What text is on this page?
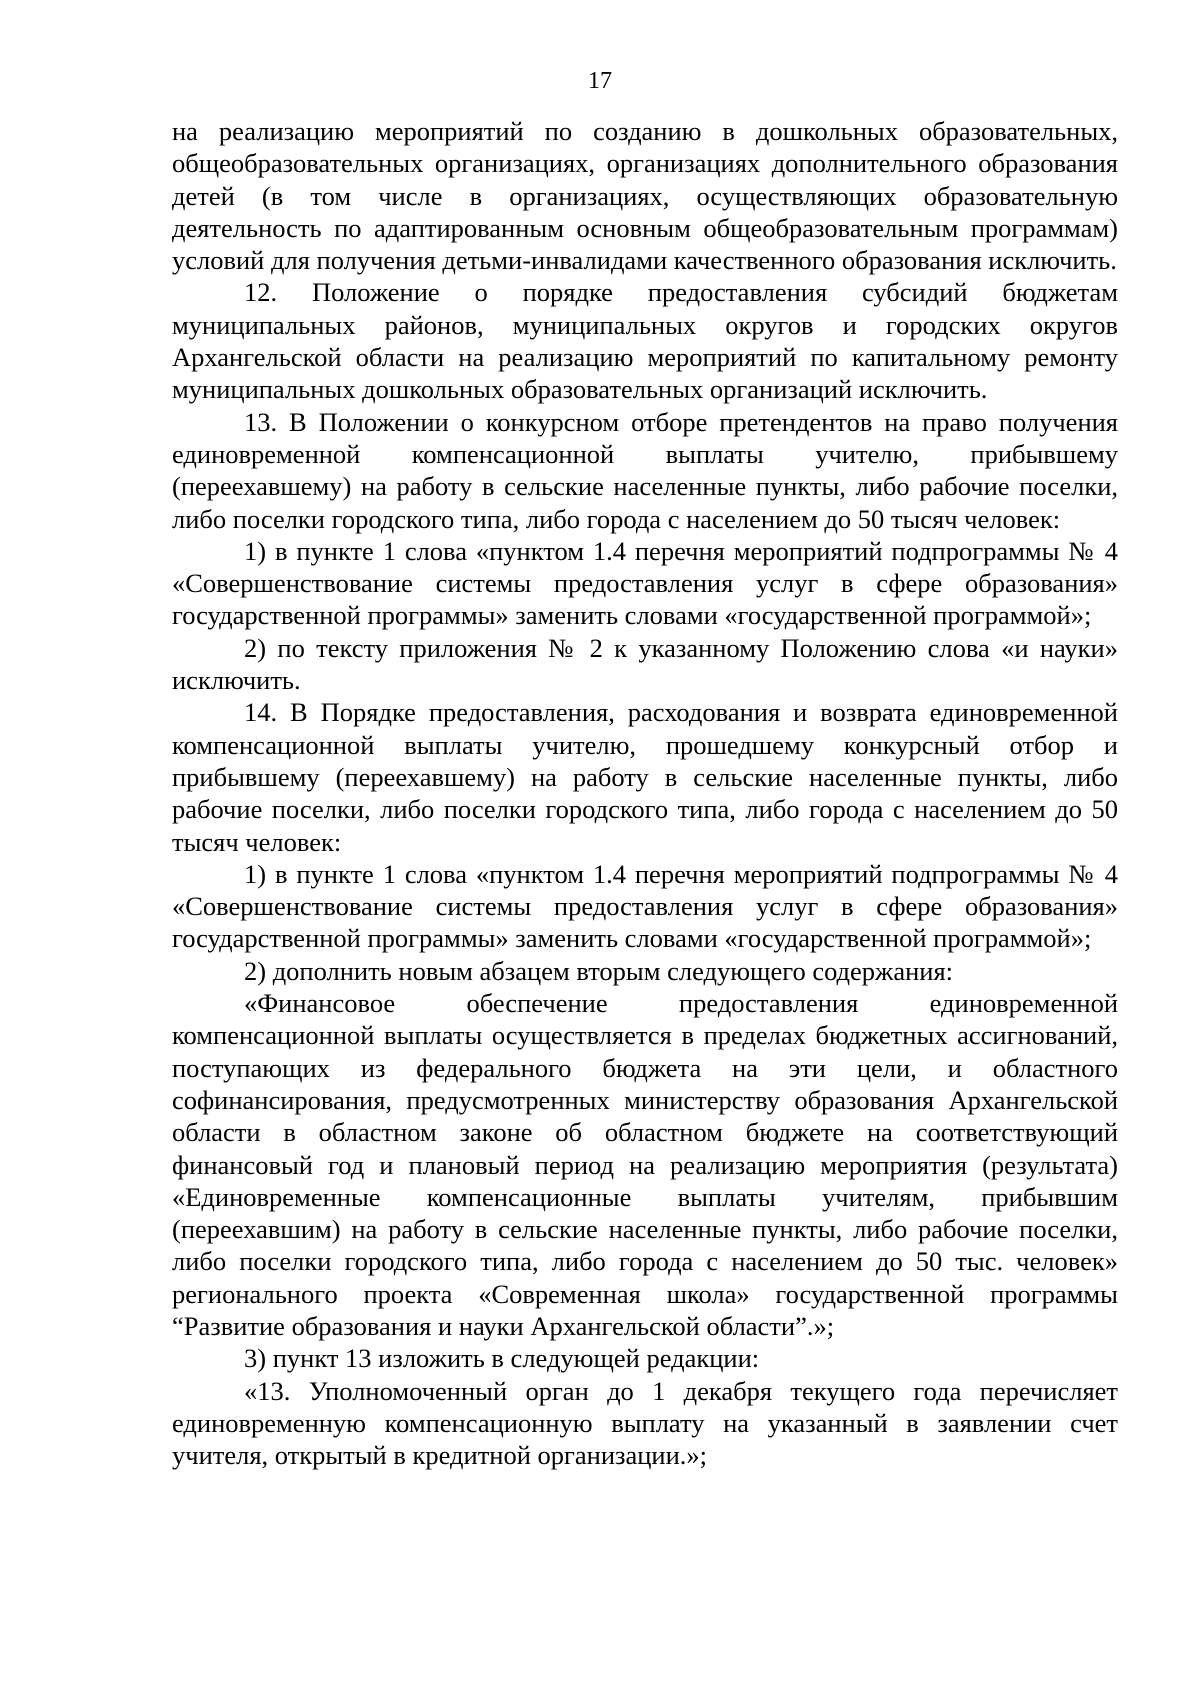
17

на реализацию мероприятий по созданию в дошкольных образовательных, общеобразовательных организациях, организациях дополнительного образования детей (в том числе в организациях, осуществляющих образовательную деятельность по адаптированным основным общеобразовательным программам) условий для получения детьми-инвалидами качественного образования исключить.

12. Положение о порядке предоставления субсидий бюджетам муниципальных районов, муниципальных округов и городских округов Архангельской области на реализацию мероприятий по капитальному ремонту муниципальных дошкольных образовательных организаций исключить.

13. В Положении о конкурсном отборе претендентов на право получения единовременной компенсационной выплаты учителю, прибывшему (переехавшему) на работу в сельские населенные пункты, либо рабочие поселки, либо поселки городского типа, либо города с населением до 50 тысяч человек:

1) в пункте 1 слова «пунктом 1.4 перечня мероприятий подпрограммы № 4 «Совершенствование системы предоставления услуг в сфере образования» государственной программы» заменить словами «государственной программой»;

2) по тексту приложения № 2 к указанному Положению слова «и науки» исключить.

14. В Порядке предоставления, расходования и возврата единовременной компенсационной выплаты учителю, прошедшему конкурсный отбор и прибывшему (переехавшему) на работу в сельские населенные пункты, либо рабочие поселки, либо поселки городского типа, либо города с населением до 50 тысяч человек:

1) в пункте 1 слова «пунктом 1.4 перечня мероприятий подпрограммы № 4 «Совершенствование системы предоставления услуг в сфере образования» государственной программы» заменить словами «государственной программой»;

2) дополнить новым абзацем вторым следующего содержания:

«Финансовое обеспечение предоставления единовременной компенсационной выплаты осуществляется в пределах бюджетных ассигнований, поступающих из федерального бюджета на эти цели, и областного софинансирования, предусмотренных министерству образования Архангельской области в областном законе об областном бюджете на соответствующий финансовый год и плановый период на реализацию мероприятия (результата) «Единовременные компенсационные выплаты учителям, прибывшим (переехавшим) на работу в сельские населенные пункты, либо рабочие поселки, либо поселки городского типа, либо города с населением до 50 тыс. человек» регионального проекта «Современная школа» государственной программы “Развитие образования и науки Архангельской области”.»;

3) пункт 13 изложить в следующей редакции:

«13. Уполномоченный орган до 1 декабря текущего года перечисляет единовременную компенсационную выплату на указанный в заявлении счет учителя, открытый в кредитной организации.»;
